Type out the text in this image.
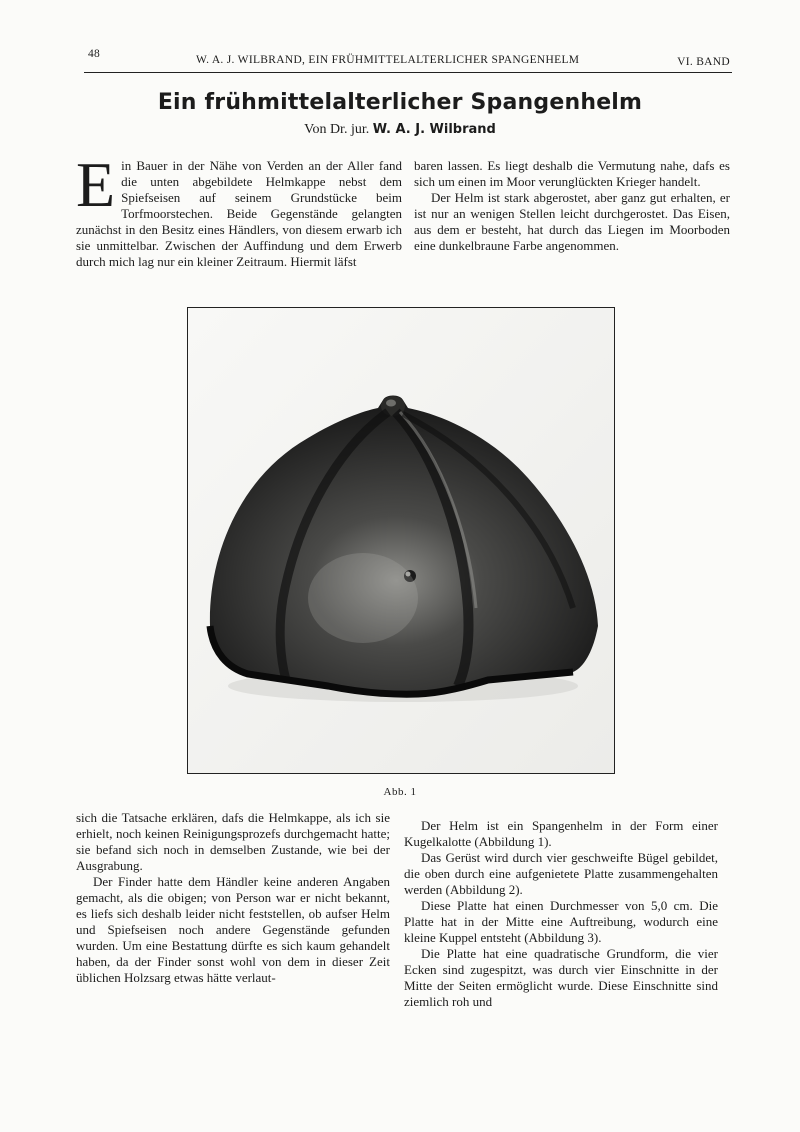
48	W. A. J. WILBRAND, EIN FRÜHMITTELALTERLICHER SPANGENHELM	VI. BAND
Ein frühmittelalterlicher Spangenhelm
Von Dr. jur. W. A. J. Wilbrand
E in Bauer in der Nähe von Verden an der Aller fand die unten abgebildete Helmkappe nebst dem Spiefseisen auf seinem Grundstücke beim Torfmoorstechen. Beide Gegenstände gelangten zunächst in den Besitz eines Händlers, von diesem erwarb ich sie unmittelbar. Zwischen der Auffindung und dem Erwerb durch mich lag nur ein kleiner Zeitraum. Hiermit läfst

baren lassen. Es liegt deshalb die Vermutung nahe, dafs es sich um einen im Moor verunglückten Krieger handelt.

Der Helm ist stark abgerostet, aber ganz gut erhalten, er ist nur an wenigen Stellen leicht durchgerostet. Das Eisen, aus dem er besteht, hat durch das Liegen im Moorboden eine dunkelbraune Farbe angenommen.

Abb. 1

sich die Tatsache erklären, dafs die Helmkappe, als ich sie erhielt, noch keinen Reinigungsprozefs durchgemacht hatte; sie befand sich noch in demselben Zustande, wie bei der Ausgrabung.

Der Finder hatte dem Händler keine anderen Angaben gemacht, als die obigen; von Person war er nicht bekannt, es liefs sich deshalb leider nicht feststellen, ob aufser Helm und Spiefseisen noch andere Gegenstände gefunden wurden. Um eine Bestattung dürfte es sich kaum gehandelt haben, da der Finder sonst wohl von dem in dieser Zeit üblichen Holzsarg etwas hätte verlaut-

Der Helm ist ein Spangenhelm in der Form einer Kugelkalotte (Abbildung 1).

Das Gerüst wird durch vier geschweifte Bügel gebildet, die oben durch eine aufgenietete Platte zusammengehalten werden (Abbildung 2).

Diese Platte hat einen Durchmesser von 5,0 cm. Die Platte hat in der Mitte eine Auftreibung, wodurch eine kleine Kuppel entsteht (Abbildung 3).

Die Platte hat eine quadratische Grundform, die vier Ecken sind zugespitzt, was durch vier Einschnitte in der Mitte der Seiten ermöglicht wurde. Diese Einschnitte sind ziemlich roh und
